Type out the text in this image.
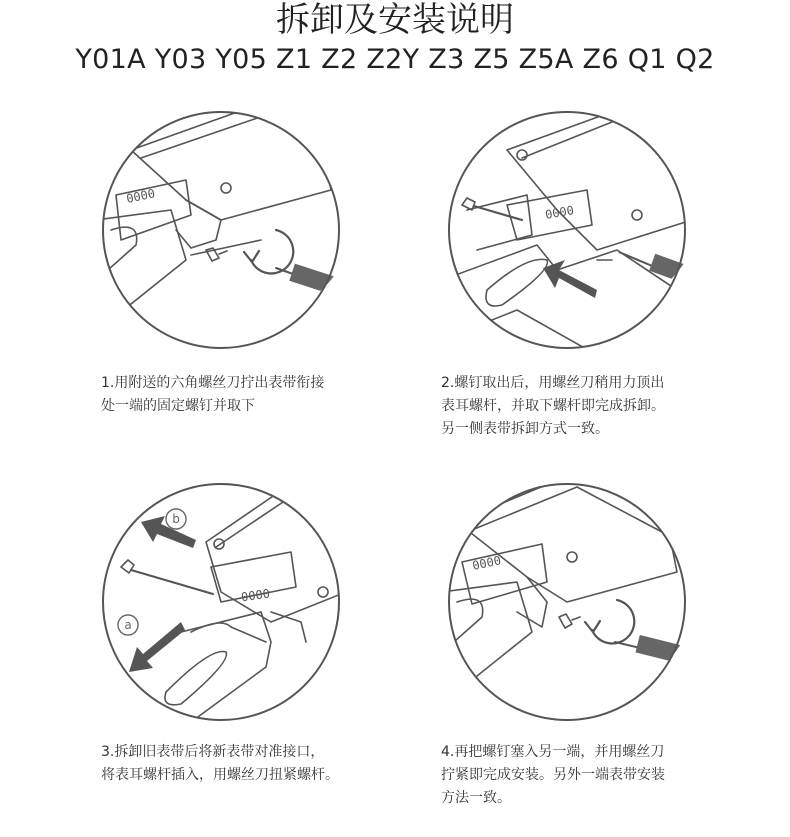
拆卸及安装说明
Y01A Y03 Y05 Z1 Z2 Z2Y Z3 Z5 Z5A Z6 Q1 Q2
0000
1.用附送的六角螺丝刀拧出表带衔接
处一端的固定螺钉并取下
0000
2.螺钉取出后，用螺丝刀稍用力顶出
表耳螺杆，并取下螺杆即完成拆卸。
另一侧表带拆卸方式一致。
b
a
0000
3.拆卸旧表带后将新表带对准接口，
将表耳螺杆插入，用螺丝刀扭紧螺杆。
0000
4.再把螺钉塞入另一端，并用螺丝刀
拧紧即完成安装。另外一端表带安装
方法一致。
